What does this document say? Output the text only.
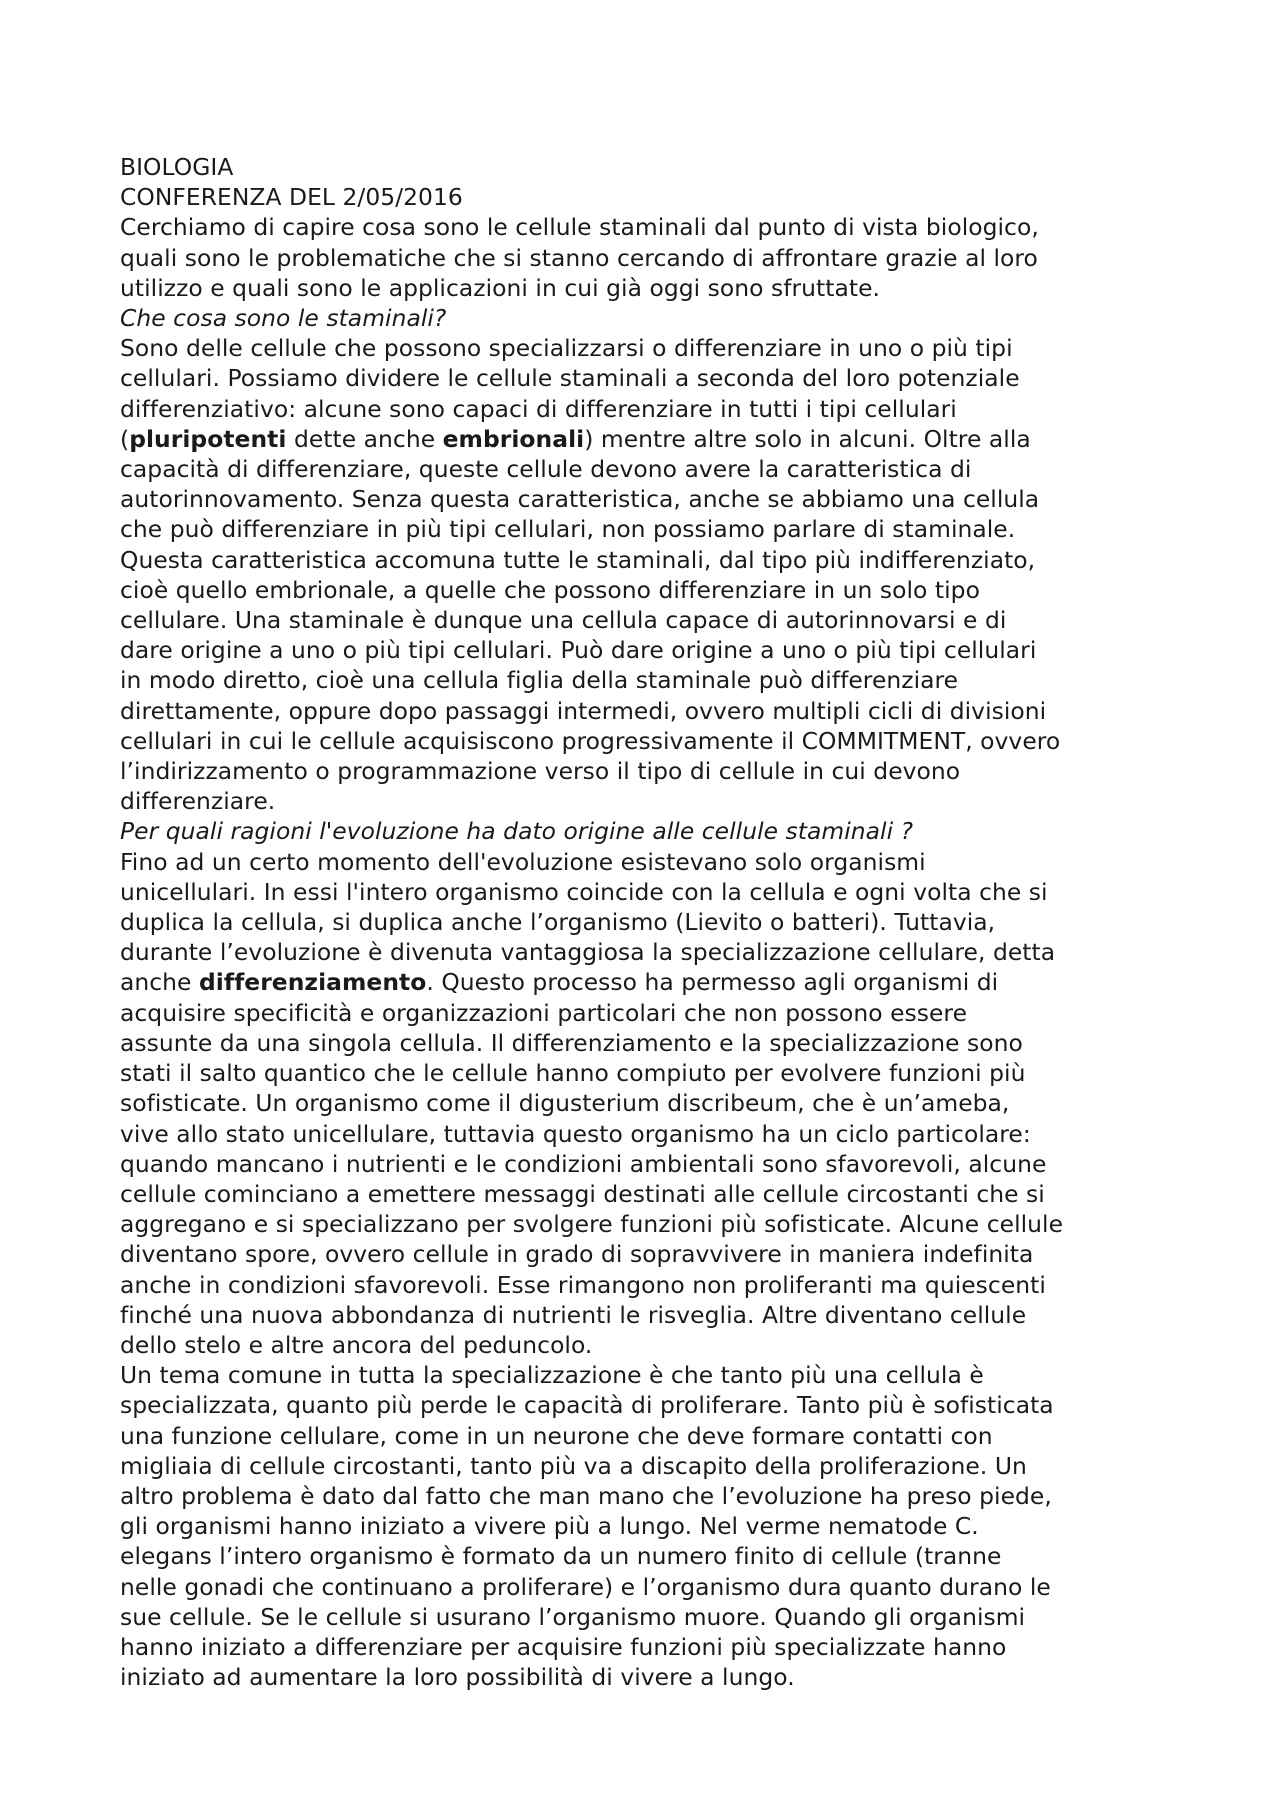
BIOLOGIA
CONFERENZA DEL 2/05/2016
Cerchiamo di capire cosa sono le cellule staminali dal punto di vista biologico,
quali sono le problematiche che si stanno cercando di affrontare grazie al loro
utilizzo e quali sono le applicazioni in cui già oggi sono sfruttate.
Che cosa sono le staminali?
Sono delle cellule che possono specializzarsi o differenziare in uno o più tipi
cellulari. Possiamo dividere le cellule staminali a seconda del loro potenziale
differenziativo: alcune sono capaci di differenziare in tutti i tipi cellulari
(pluripotenti dette anche embrionali) mentre altre solo in alcuni. Oltre alla
capacità di differenziare, queste cellule devono avere la caratteristica di
autorinnovamento. Senza questa caratteristica, anche se abbiamo una cellula
che può differenziare in più tipi cellulari, non possiamo parlare di staminale.
Questa caratteristica accomuna tutte le staminali, dal tipo più indifferenziato,
cioè quello embrionale, a quelle che possono differenziare in un solo tipo
cellulare. Una staminale è dunque una cellula capace di autorinnovarsi e di
dare origine a uno o più tipi cellulari. Può dare origine a uno o più tipi cellulari
in modo diretto, cioè una cellula figlia della staminale può differenziare
direttamente, oppure dopo passaggi intermedi, ovvero multipli cicli di divisioni
cellulari in cui le cellule acquisiscono progressivamente il COMMITMENT, ovvero
l’indirizzamento o programmazione verso il tipo di cellule in cui devono
differenziare.
Per quali ragioni l'evoluzione ha dato origine alle cellule staminali ?
Fino ad un certo momento dell'evoluzione esistevano solo organismi
unicellulari. In essi l'intero organismo coincide con la cellula e ogni volta che si
duplica la cellula, si duplica anche l’organismo (Lievito o batteri). Tuttavia,
durante l’evoluzione è divenuta vantaggiosa la specializzazione cellulare, detta
anche differenziamento. Questo processo ha permesso agli organismi di
acquisire specificità e organizzazioni particolari che non possono essere
assunte da una singola cellula. Il differenziamento e la specializzazione sono
stati il salto quantico che le cellule hanno compiuto per evolvere funzioni più
sofisticate. Un organismo come il digusterium discribeum, che è un’ameba,
vive allo stato unicellulare, tuttavia questo organismo ha un ciclo particolare:
quando mancano i nutrienti e le condizioni ambientali sono sfavorevoli, alcune
cellule cominciano a emettere messaggi destinati alle cellule circostanti che si
aggregano e si specializzano per svolgere funzioni più sofisticate. Alcune cellule
diventano spore, ovvero cellule in grado di sopravvivere in maniera indefinita
anche in condizioni sfavorevoli. Esse rimangono non proliferanti ma quiescenti
finché una nuova abbondanza di nutrienti le risveglia. Altre diventano cellule
dello stelo e altre ancora del peduncolo.
Un tema comune in tutta la specializzazione è che tanto più una cellula è
specializzata, quanto più perde le capacità di proliferare. Tanto più è sofisticata
una funzione cellulare, come in un neurone che deve formare contatti con
migliaia di cellule circostanti, tanto più va a discapito della proliferazione. Un
altro problema è dato dal fatto che man mano che l’evoluzione ha preso piede,
gli organismi hanno iniziato a vivere più a lungo. Nel verme nematode C.
elegans l’intero organismo è formato da un numero finito di cellule (tranne
nelle gonadi che continuano a proliferare) e l’organismo dura quanto durano le
sue cellule. Se le cellule si usurano l’organismo muore. Quando gli organismi
hanno iniziato a differenziare per acquisire funzioni più specializzate hanno
iniziato ad aumentare la loro possibilità di vivere a lungo.
